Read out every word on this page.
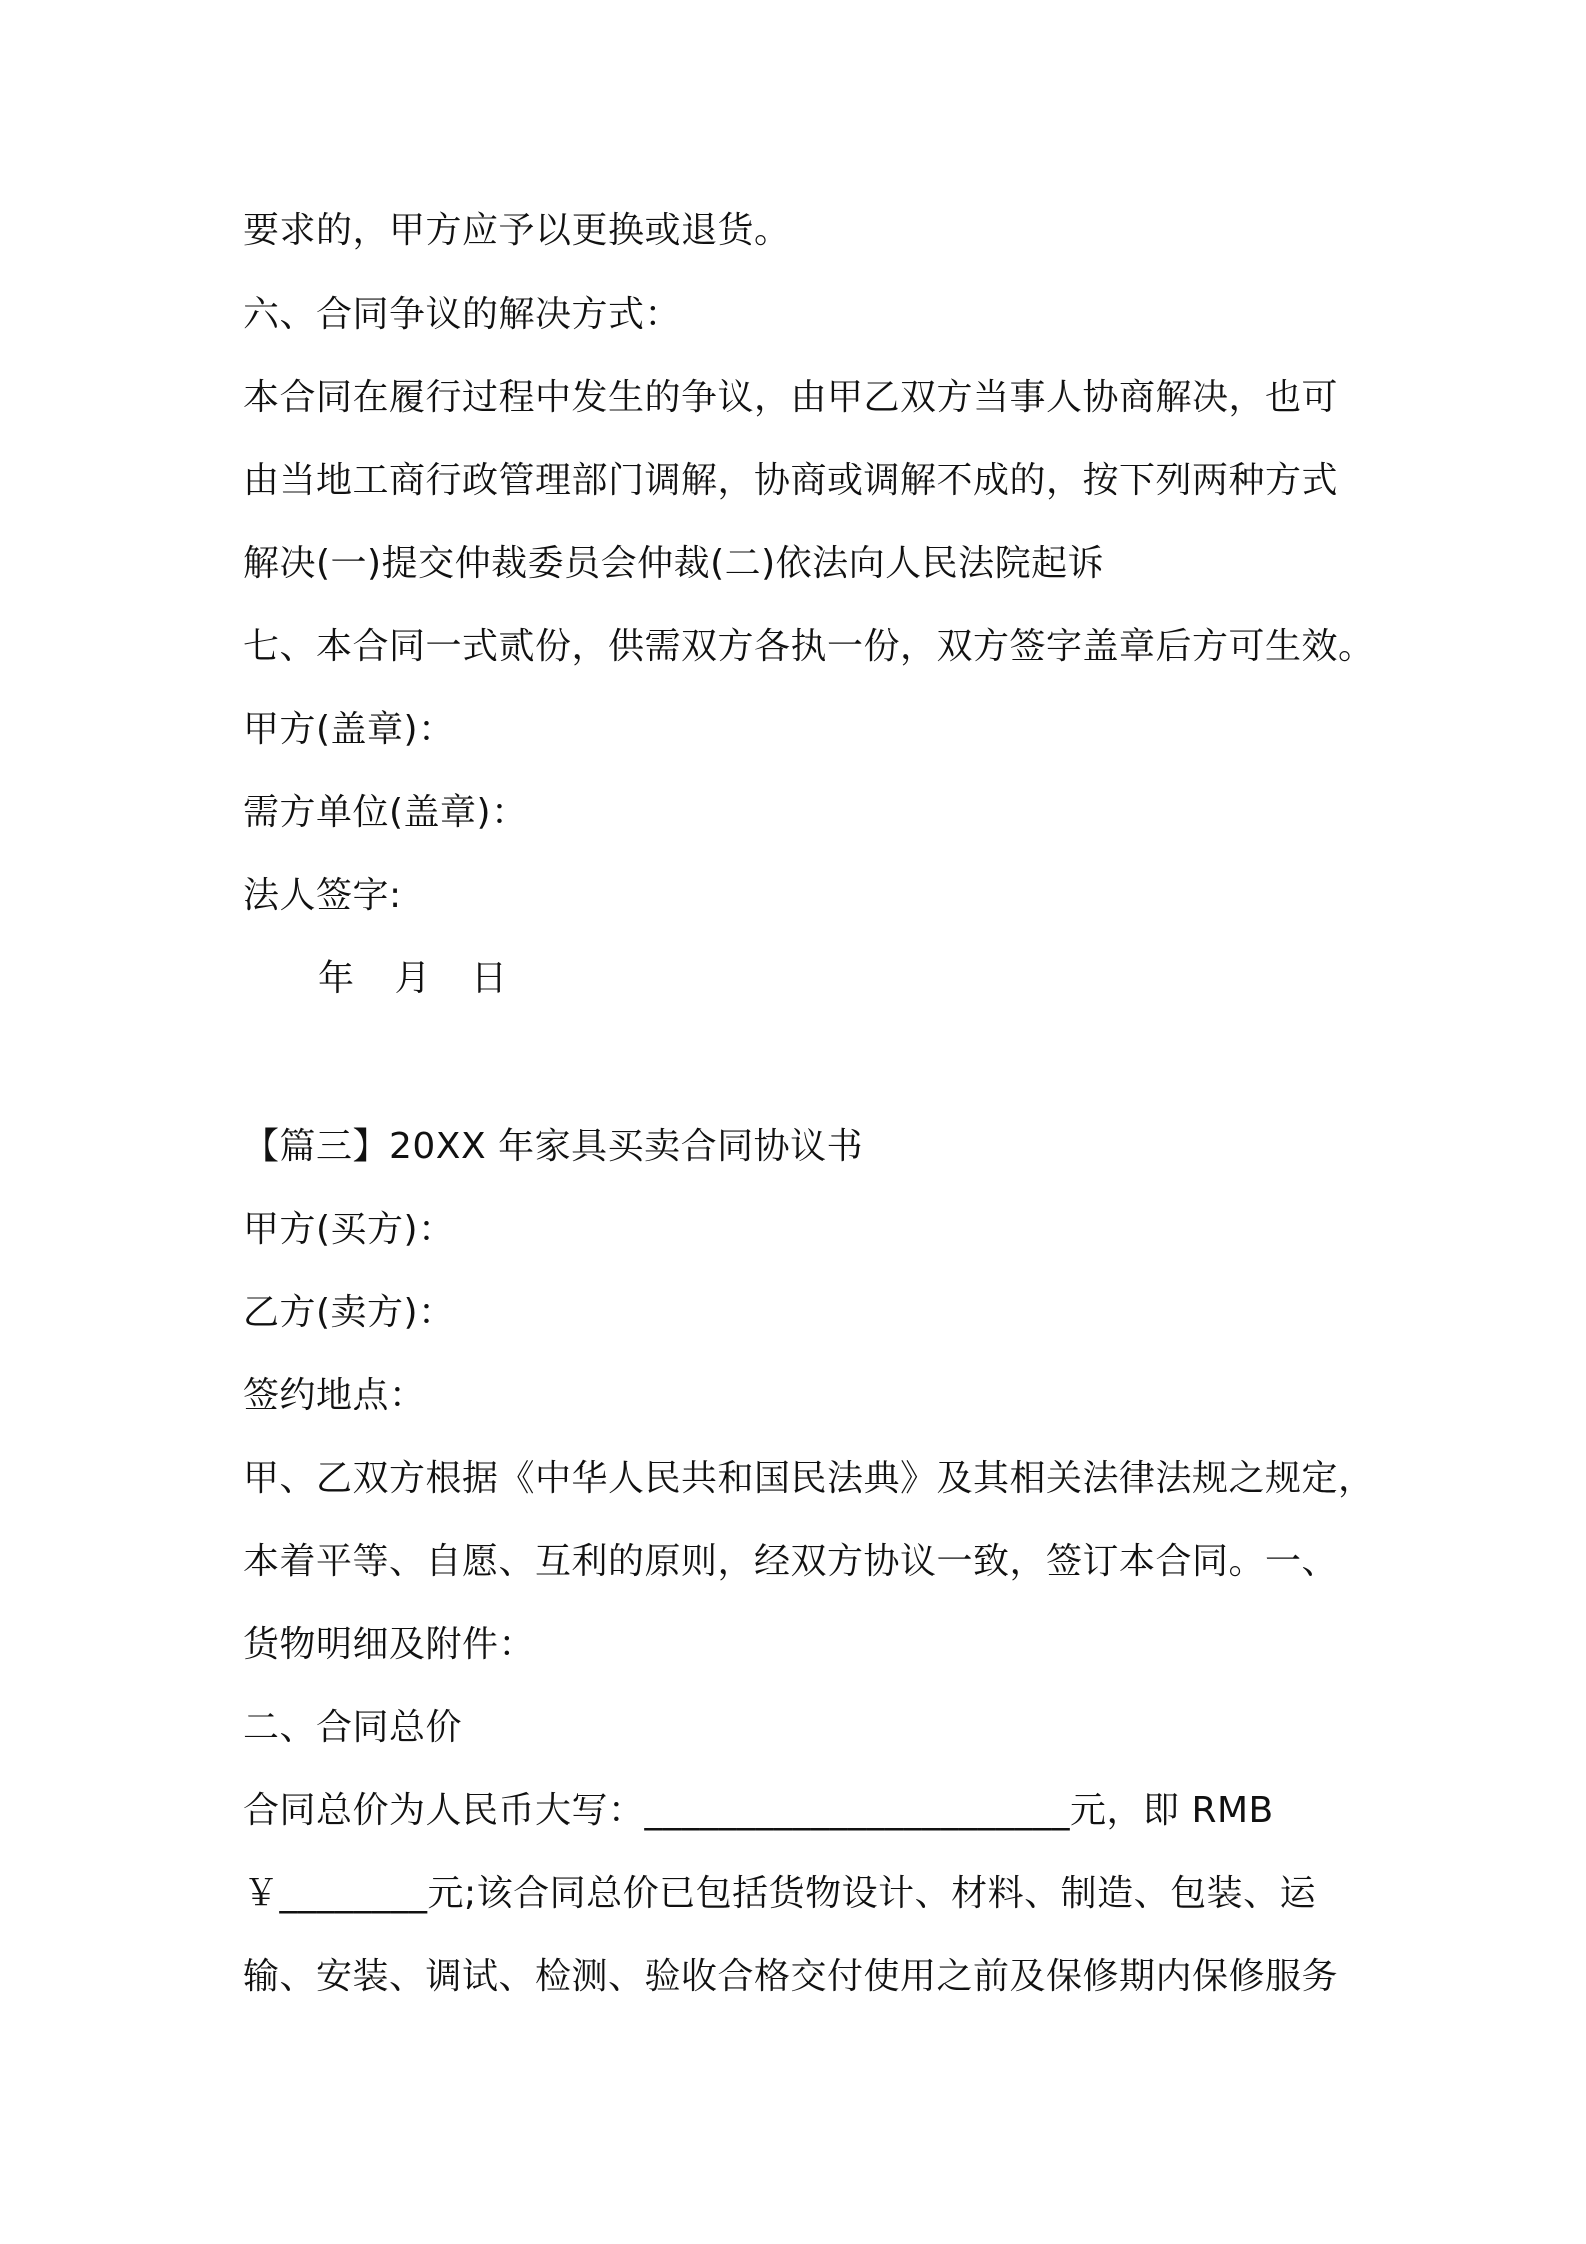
要求的，甲方应予以更换或退货。
六、合同争议的解决方式：
本合同在履行过程中发生的争议，由甲乙双方当事人协商解决，也可
由当地工商行政管理部门调解，协商或调解不成的，按下列两种方式
解决(一)提交仲裁委员会仲裁(二)依法向人民法院起诉
七、本合同一式贰份，供需双方各执一份，双方签字盖章后方可生效。
甲方(盖章)：
需方单位(盖章)：
法人签字:
年 月 日
【篇三】20XX 年家具买卖合同协议书
甲方(买方)：
乙方(卖方)：
签约地点：
甲、乙双方根据《中华人民共和国民法典》及其相关法律法规之规定，
本着平等、自愿、互利的原则，经双方协议一致，签订本合同。一、
货物明细及附件：
二、合同总价
合同总价为人民币大写：_______________________元，即 RMB
￥________元;该合同总价已包括货物设计、材料、制造、包装、运
输、安装、调试、检测、验收合格交付使用之前及保修期内保修服务
